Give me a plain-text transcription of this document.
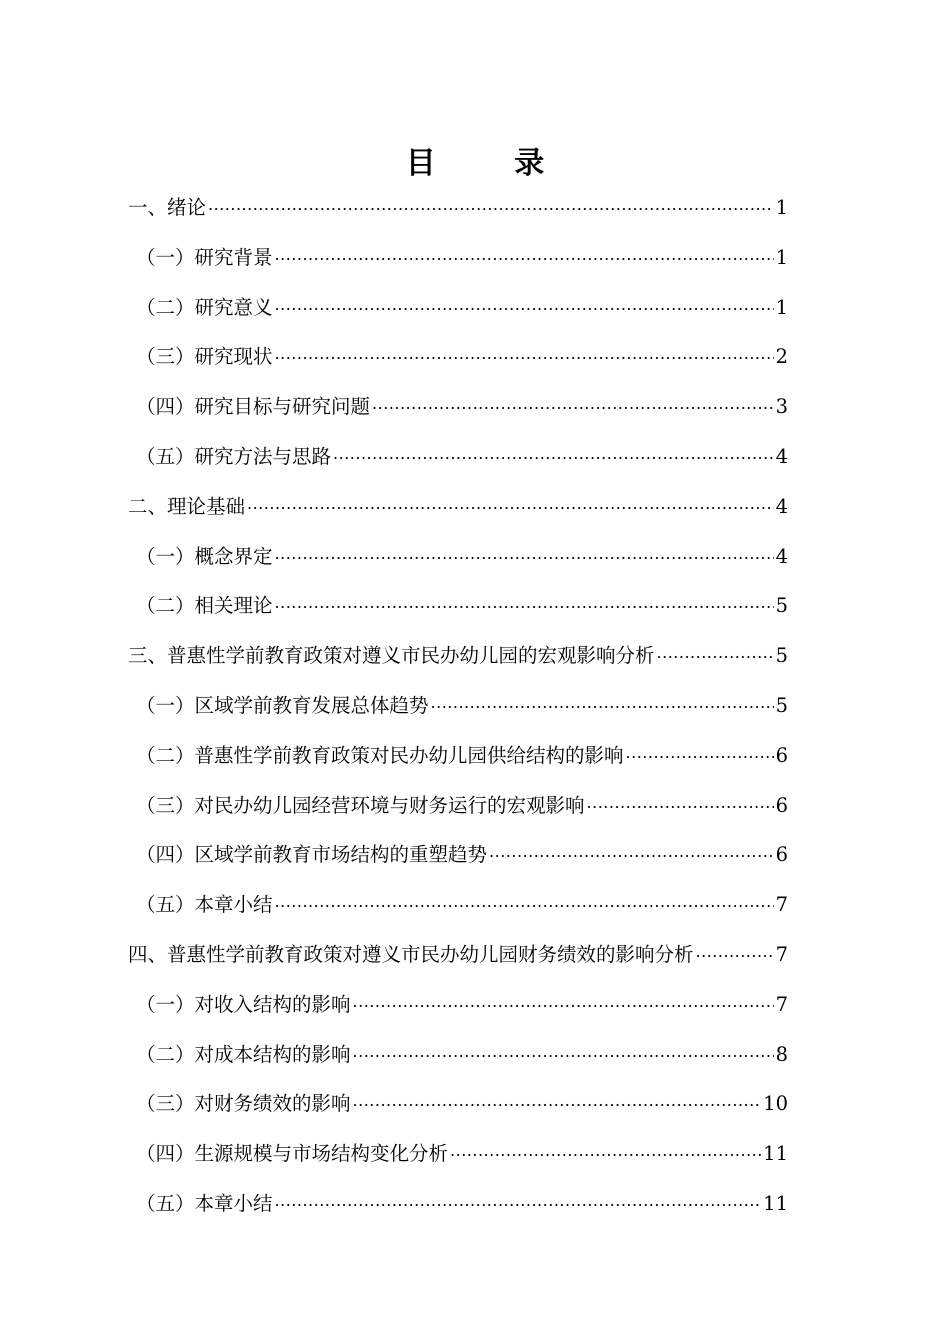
目 录
一、绪论 .....	1
（一）研究背景 .....	1
（二）研究意义 .....	1
（三）研究现状 .....	2
（四）研究目标与研究问题 .....	3
（五）研究方法与思路 .....	4
二、理论基础 .....	4
（一）概念界定 .....	4
（二）相关理论 .....	5
三、普惠性学前教育政策对遵义市民办幼儿园的宏观影响分析 .....	5
（一）区域学前教育发展总体趋势 .....	5
（二）普惠性学前教育政策对民办幼儿园供给结构的影响 .....	6
（三）对民办幼儿园经营环境与财务运行的宏观影响 .....	6
（四）区域学前教育市场结构的重塑趋势 .....	6
（五）本章小结 .....	7
四、普惠性学前教育政策对遵义市民办幼儿园财务绩效的影响分析 .....	7
（一）对收入结构的影响 .....	7
（二）对成本结构的影响 .....	8
（三）对财务绩效的影响 .....	10
（四）生源规模与市场结构变化分析 .....	11
（五）本章小结 .....	11
